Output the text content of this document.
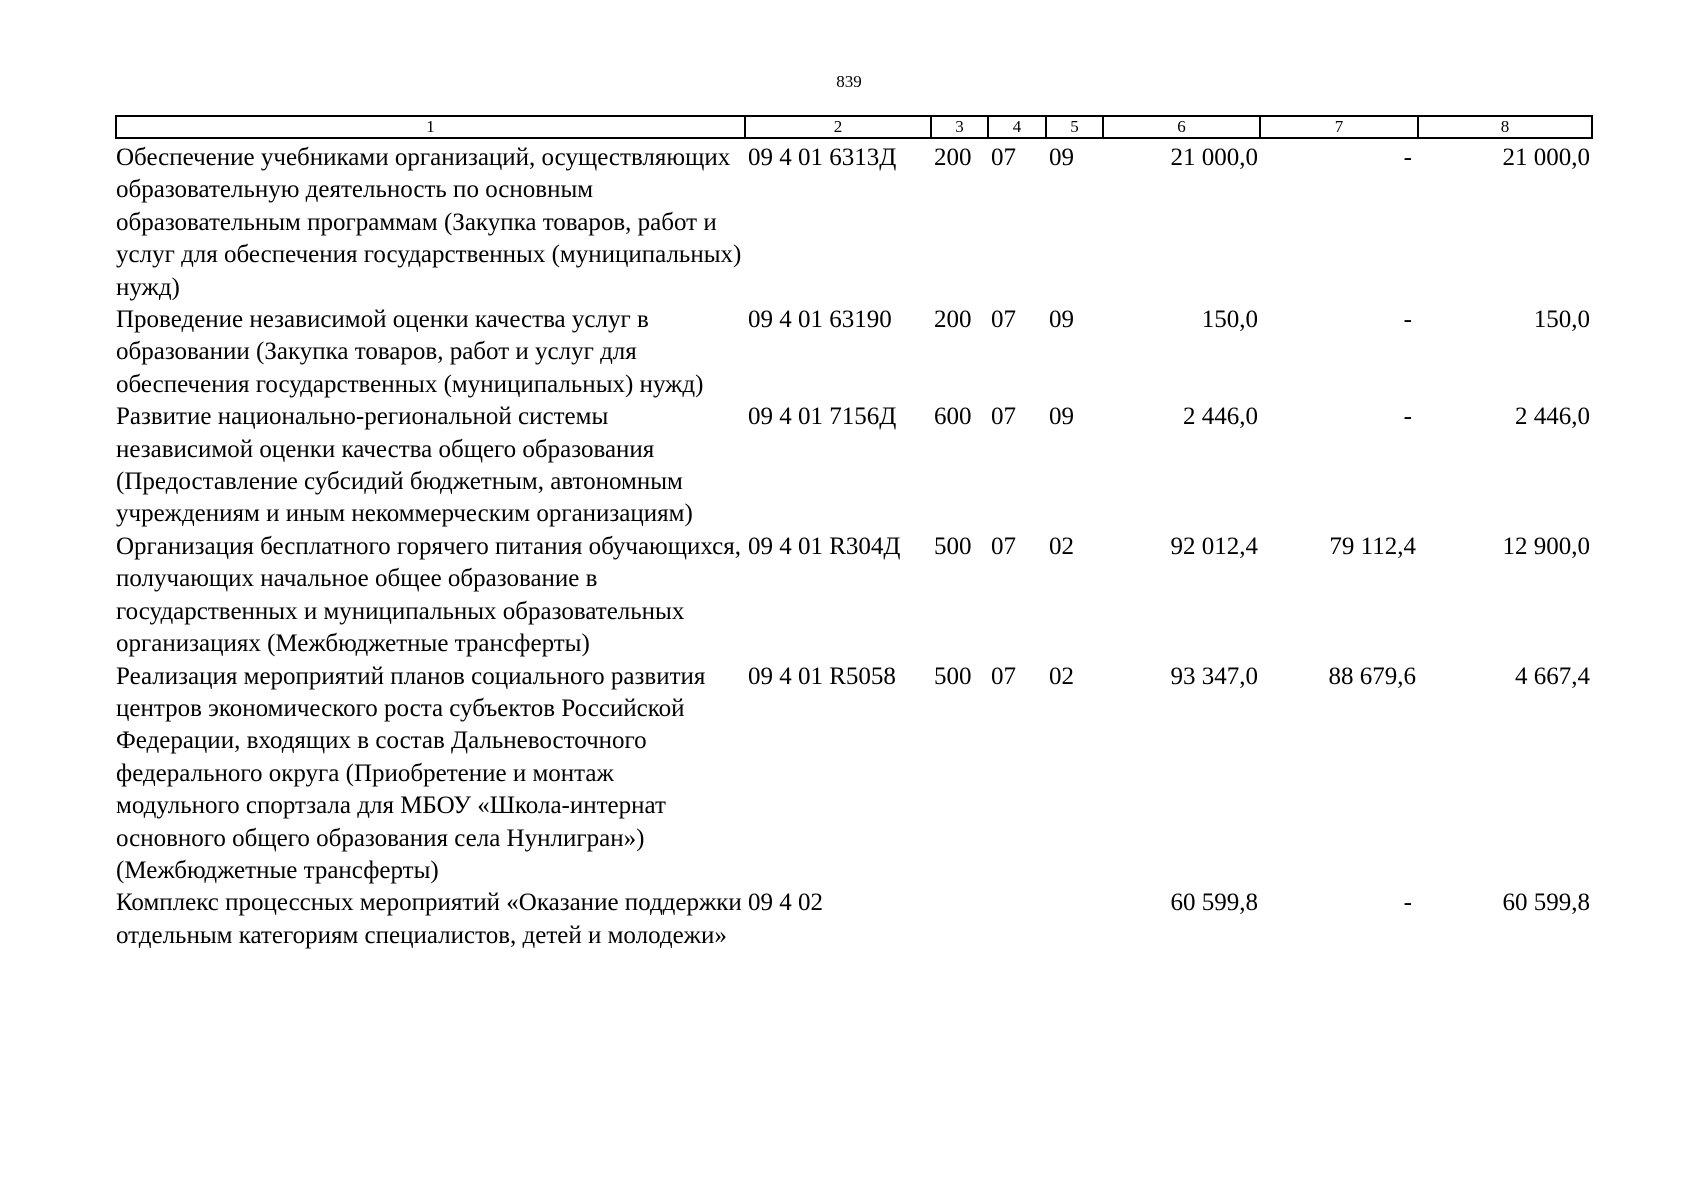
839
1	2	3	4	5	6	7	8
Обеспечение учебниками организаций, осуществляющих образовательную деятельность по основным образовательным программам (Закупка товаров, работ и услуг для обеспечения государственных (муниципальных) нужд)	09 4 01 6313Д	200	07	09	21 000,0	-	21 000,0
Проведение независимой оценки качества услуг в образовании (Закупка товаров, работ и услуг для обеспечения государственных (муниципальных) нужд)	09 4 01 63190	200	07	09	150,0	-	150,0
Развитие национально-региональной системы независимой оценки качества общего образования (Предоставление субсидий бюджетным, автономным учреждениям и иным некоммерческим организациям)	09 4 01 7156Д	600	07	09	2 446,0	-	2 446,0
Организация бесплатного горячего питания обучающихся, получающих начальное общее образование в государственных и муниципальных образовательных организациях (Межбюджетные трансферты)	09 4 01 R304Д	500	07	02	92 012,4	79 112,4	12 900,0
Реализация мероприятий планов социального развития центров экономического роста субъектов Российской Федерации, входящих в состав Дальневосточного федерального округа (Приобретение и монтаж модульного спортзала для МБОУ «Школа-интернат основного общего образования села Нунлигран») (Межбюджетные трансферты)	09 4 01 R5058	500	07	02	93 347,0	88 679,6	4 667,4
Комплекс процессных мероприятий «Оказание поддержки отдельным категориям специалистов, детей и молодежи»	09 4 02				60 599,8	-	60 599,8
